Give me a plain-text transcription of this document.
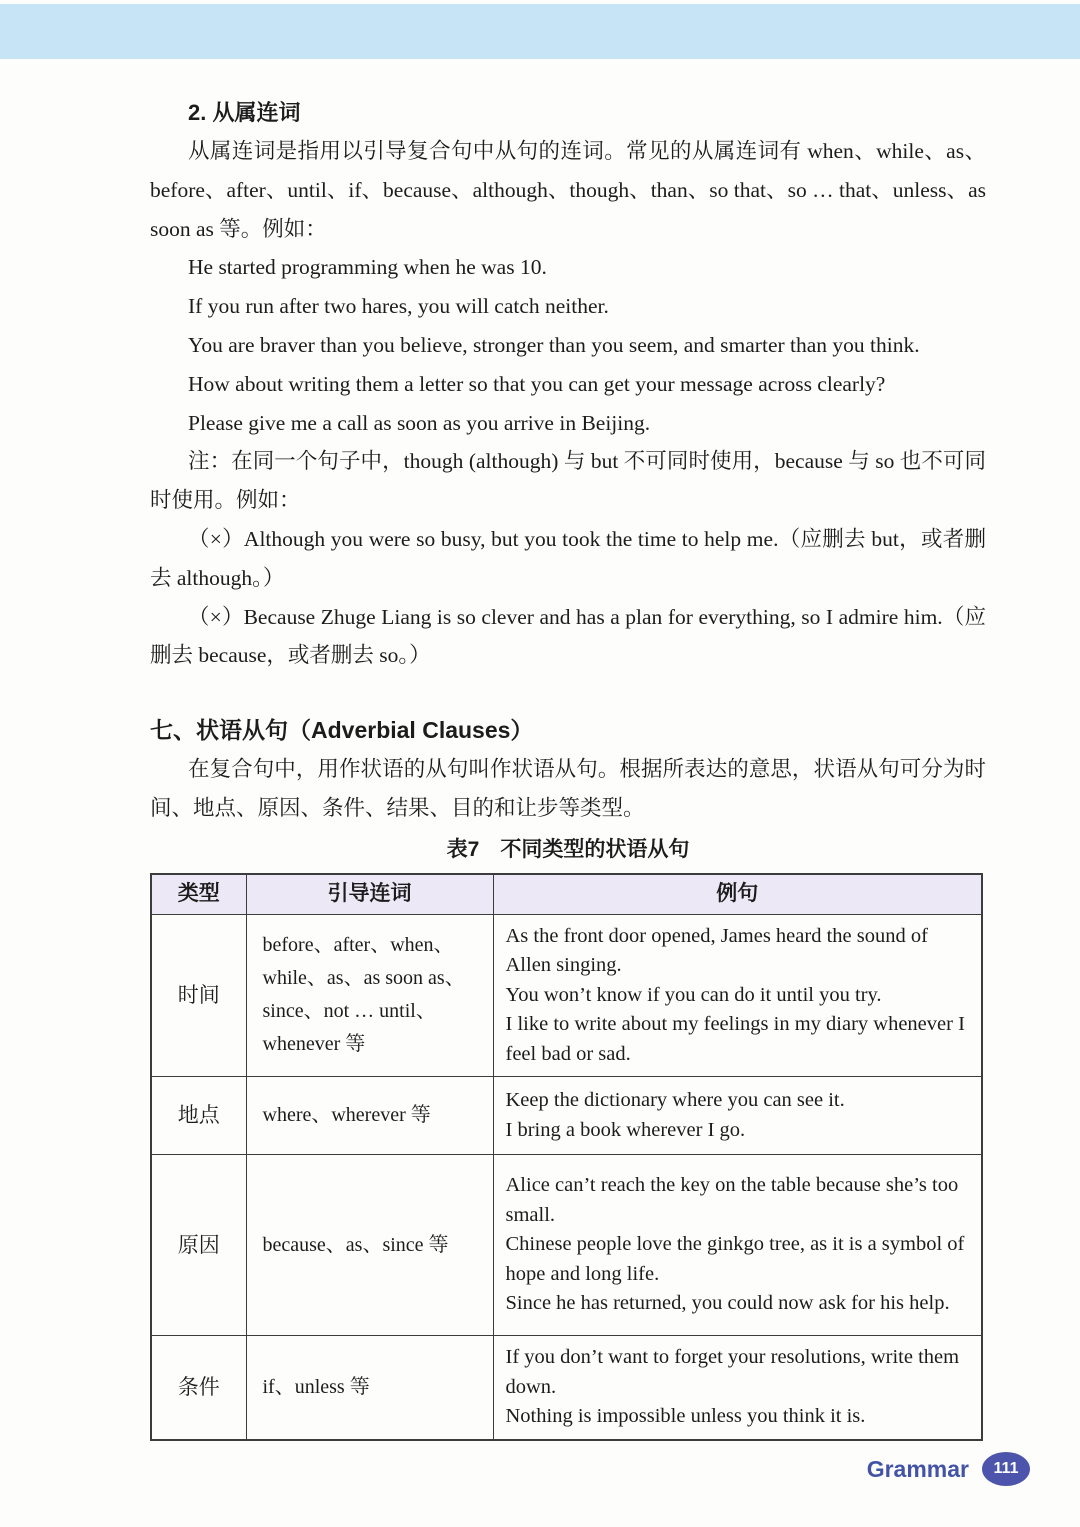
2. 从属连词

从属连词是指用以引导复合句中从句的连词。常见的从属连词有 when、while、as、before、after、until、if、because、although、though、than、so that、so … that、unless、as soon as 等。例如：

He started programming when he was 10.
If you run after two hares, you will catch neither.
You are braver than you believe, stronger than you seem, and smarter than you think.
How about writing them a letter so that you can get your message across clearly?
Please give me a call as soon as you arrive in Beijing.

注：在同一个句子中，though (although) 与 but 不可同时使用，because 与 so 也不可同时使用。例如：

（×）Although you were so busy, but you took the time to help me.（应删去 but，或者删去 although。）

（×）Because Zhuge Liang is so clever and has a plan for everything, so I admire him.（应删去 because，或者删去 so。）

七、状语从句（Adverbial Clauses）

在复合句中，用作状语的从句叫作状语从句。根据所表达的意思，状语从句可分为时间、地点、原因、条件、结果、目的和让步等类型。

表7　不同类型的状语从句
类型	引导连词	例句
时间	before、after、when、while、as、as soon as、since、not … until、whenever 等	As the front door opened, James heard the sound of Allen singing.
You won’t know if you can do it until you try.
I like to write about my feelings in my diary whenever I feel bad or sad.

地点	where、wherever 等	Keep the dictionary where you can see it.
I bring a book wherever I go.

原因	because、as、since 等	Alice can’t reach the key on the table because she’s too small.
Chinese people love the ginkgo tree, as it is a symbol of hope and long life.
Since he has returned, you could now ask for his help.

条件	if、unless 等	If you don’t want to forget your resolutions, write them down.
Nothing is impossible unless you think it is.
Grammar	111
